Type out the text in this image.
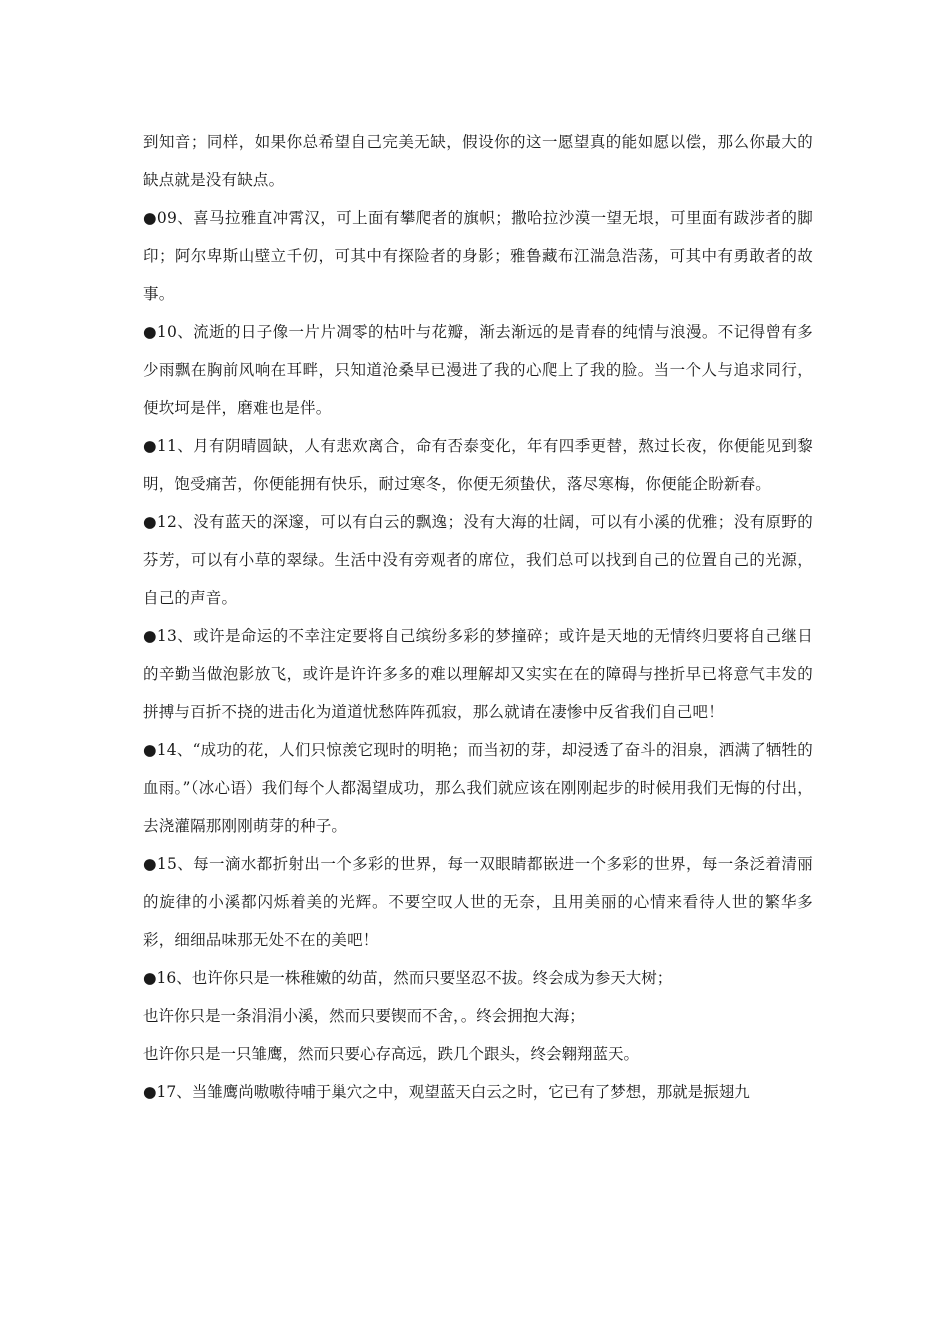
到知音；同样，如果你总希望自己完美无缺，假设你的这一愿望真的能如愿以偿，那么你最大的缺点就是没有缺点。

●09、喜马拉雅直冲霄汉，可上面有攀爬者的旗帜；撒哈拉沙漠一望无垠，可里面有跋涉者的脚印；阿尔卑斯山壁立千仞，可其中有探险者的身影；雅鲁藏布江湍急浩荡，可其中有勇敢者的故事。

●10、流逝的日子像一片片凋零的枯叶与花瓣，渐去渐远的是青春的纯情与浪漫。不记得曾有多少雨飘在胸前风响在耳畔，只知道沧桑早已漫进了我的心爬上了我的脸。当一个人与追求同行，便坎坷是伴，磨难也是伴。

●11、月有阴晴圆缺，人有悲欢离合，命有否泰变化，年有四季更替，熬过长夜，你便能见到黎明，饱受痛苦，你便能拥有快乐，耐过寒冬，你便无须蛰伏，落尽寒梅，你便能企盼新春。

●12、没有蓝天的深邃，可以有白云的飘逸；没有大海的壮阔，可以有小溪的优雅；没有原野的芬芳，可以有小草的翠绿。生活中没有旁观者的席位，我们总可以找到自己的位置自己的光源，自己的声音。

●13、或许是命运的不幸注定要将自己缤纷多彩的梦撞碎；或许是天地的无情终归要将自己继日的辛勤当做泡影放飞，或许是许许多多的难以理解却又实实在在的障碍与挫折早已将意气丰发的拼搏与百折不挠的进击化为道道忧愁阵阵孤寂，那么就请在凄惨中反省我们自己吧！

●14、“成功的花，人们只惊羡它现时的明艳；而当初的芽，却浸透了奋斗的泪泉，洒满了牺牲的血雨。”（冰心语）我们每个人都渴望成功，那么我们就应该在刚刚起步的时候用我们无悔的付出，去浇灌隔那刚刚萌芽的种子。

●15、每一滴水都折射出一个多彩的世界，每一双眼睛都嵌进一个多彩的世界，每一条泛着清丽的旋律的小溪都闪烁着美的光辉。不要空叹人世的无奈，且用美丽的心情来看待人世的繁华多彩，细细品味那无处不在的美吧！

●16、也许你只是一株稚嫩的幼苗，然而只要坚忍不拔。终会成为参天大树；

也许你只是一条涓涓小溪，然而只要锲而不舍，。终会拥抱大海；

也许你只是一只雏鹰，然而只要心存高远，跌几个跟头，终会翱翔蓝天。

●17、当雏鹰尚嗷嗷待哺于巢穴之中，观望蓝天白云之时，它已有了梦想，那就是振翅九
